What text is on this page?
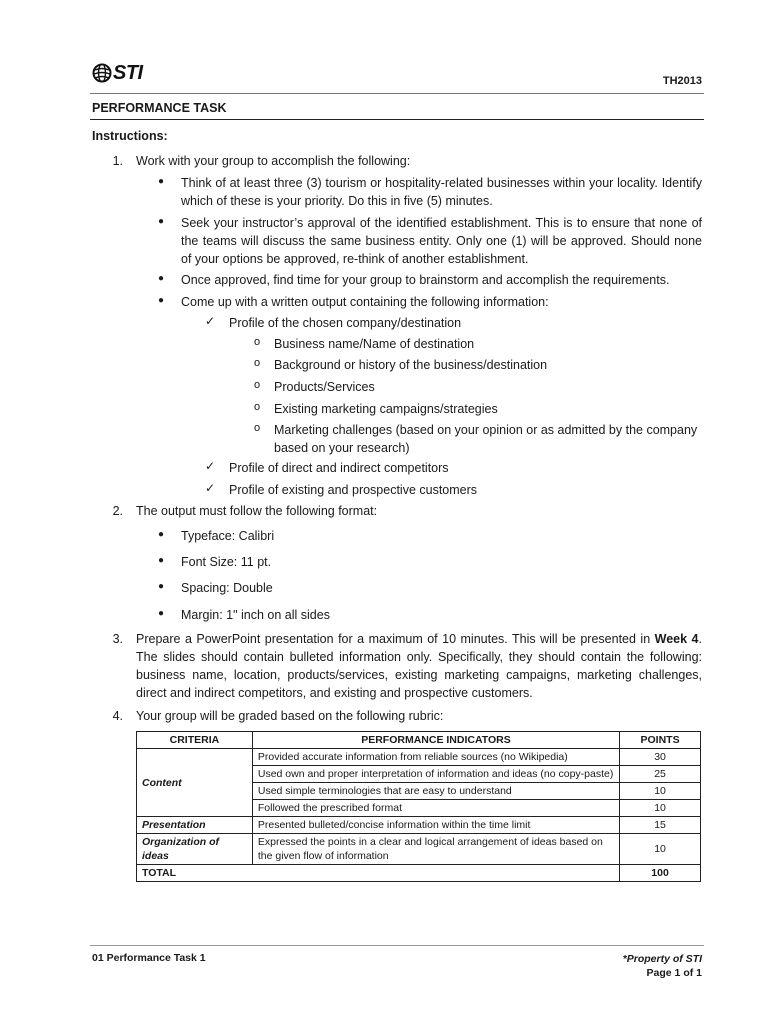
STI	TH2013
PERFORMANCE TASK
Instructions:
1. Work with your group to accomplish the following:
● Think of at least three (3) tourism or hospitality-related businesses within your locality. Identify which of these is your priority. Do this in five (5) minutes.
● Seek your instructor’s approval of the identified establishment. This is to ensure that none of the teams will discuss the same business entity. Only one (1) will be approved. Should none of your options be approved, re-think of another establishment.
● Once approved, find time for your group to brainstorm and accomplish the requirements.
● Come up with a written output containing the following information:
✓ Profile of the chosen company/destination
o Business name/Name of destination
o Background or history of the business/destination
o Products/Services
o Existing marketing campaigns/strategies
o Marketing challenges (based on your opinion or as admitted by the company based on your research)
✓ Profile of direct and indirect competitors
✓ Profile of existing and prospective customers
2. The output must follow the following format:
● Typeface: Calibri
● Font Size: 11 pt.
● Spacing: Double
● Margin: 1" inch on all sides
3. Prepare a PowerPoint presentation for a maximum of 10 minutes. This will be presented in Week 4. The slides should contain bulleted information only. Specifically, they should contain the following: business name, location, products/services, existing marketing campaigns, marketing challenges, direct and indirect competitors, and existing and prospective customers.
4. Your group will be graded based on the following rubric:
CRITERIA	PERFORMANCE INDICATORS	POINTS
Content	Provided accurate information from reliable sources (no Wikipedia)	30
	Used own and proper interpretation of information and ideas (no copy-paste)	25
	Used simple terminologies that are easy to understand	10
	Followed the prescribed format	10
Presentation	Presented bulleted/concise information within the time limit	15
Organization of ideas	Expressed the points in a clear and logical arrangement of ideas based on the given flow of information	10
TOTAL		100
01 Performance Task 1	*Property of STI
Page 1 of 1
